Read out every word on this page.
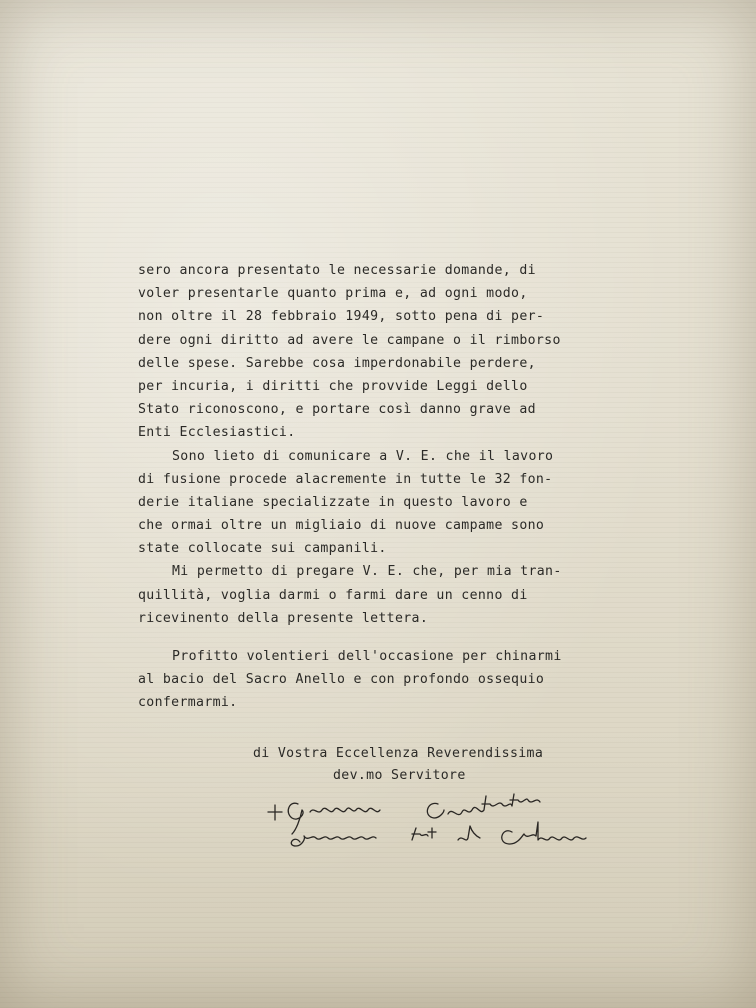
sero ancora presentato le necessarie domande, di
voler presentarle quanto prima e, ad ogni modo,
non oltre il 28 febbraio 1949, sotto pena di per-
dere ogni diritto ad avere le campane o il rimborso
delle spese. Sarebbe cosa imperdonabile perdere,
per incuria, i diritti che provvide Leggi dello
Stato riconoscono, e portare così danno grave ad
Enti Ecclesiastici.
Sono lieto di comunicare a V. E. che il lavoro
di fusione procede alacremente in tutte le 32 fon-
derie italiane specializzate in questo lavoro e
che ormai oltre un migliaio di nuove campame sono
state collocate sui campanili.
Mi permetto di pregare V. E. che, per mia tran-
quillità, voglia darmi o farmi dare un cenno di
ricevinento della presente lettera.
Profitto volentieri dell'occasione per chinarmi
al bacio del Sacro Anello e con profondo ossequio
confermarmi.
di Vostra Eccellenza Reverendissima
dev.mo Servitore
